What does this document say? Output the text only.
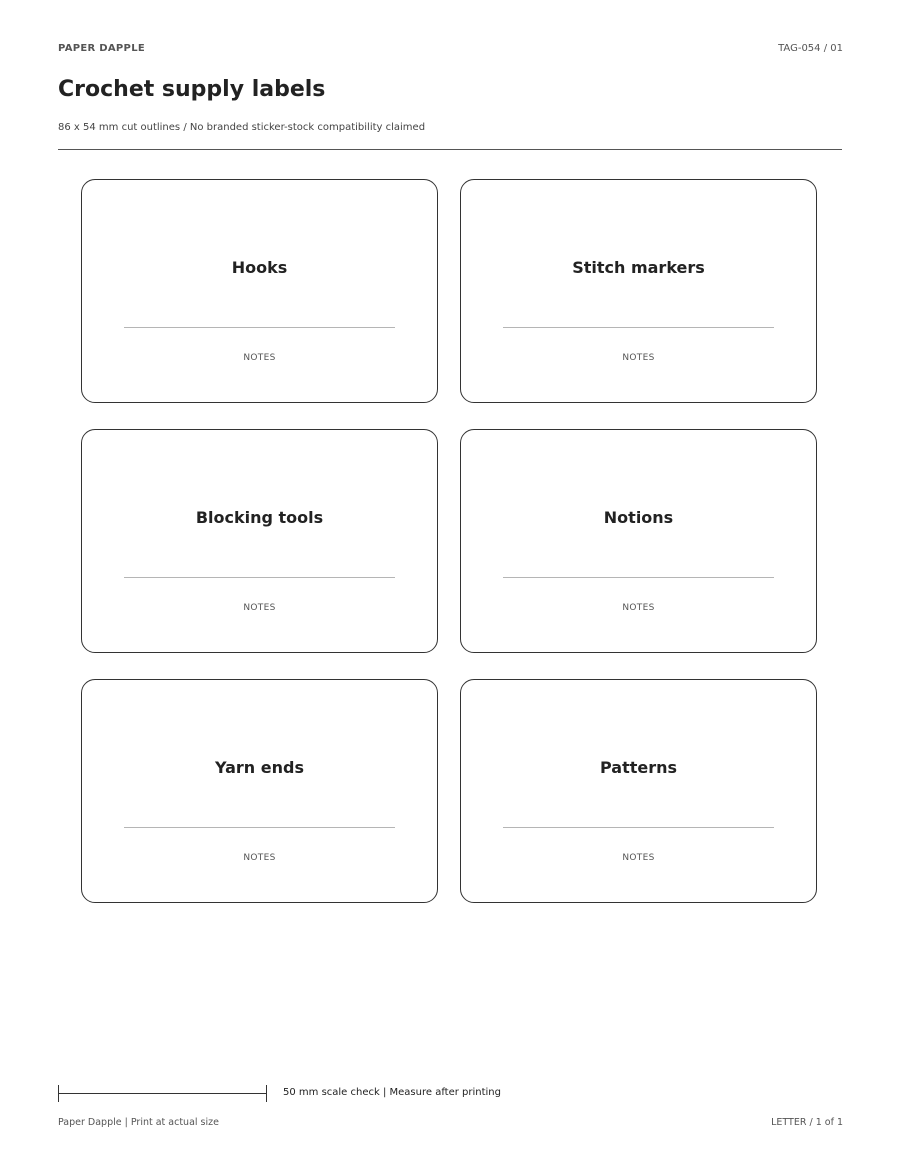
PAPER DAPPLE	TAG-054 / 01
Crochet supply labels
86 x 54 mm cut outlines / No branded sticker-stock compatibility claimed
Hooks
NOTES
Stitch markers
NOTES
Blocking tools
NOTES
Notions
NOTES
Yarn ends
NOTES
Patterns
NOTES
50 mm scale check | Measure after printing
Paper Dapple | Print at actual size	LETTER / 1 of 1
